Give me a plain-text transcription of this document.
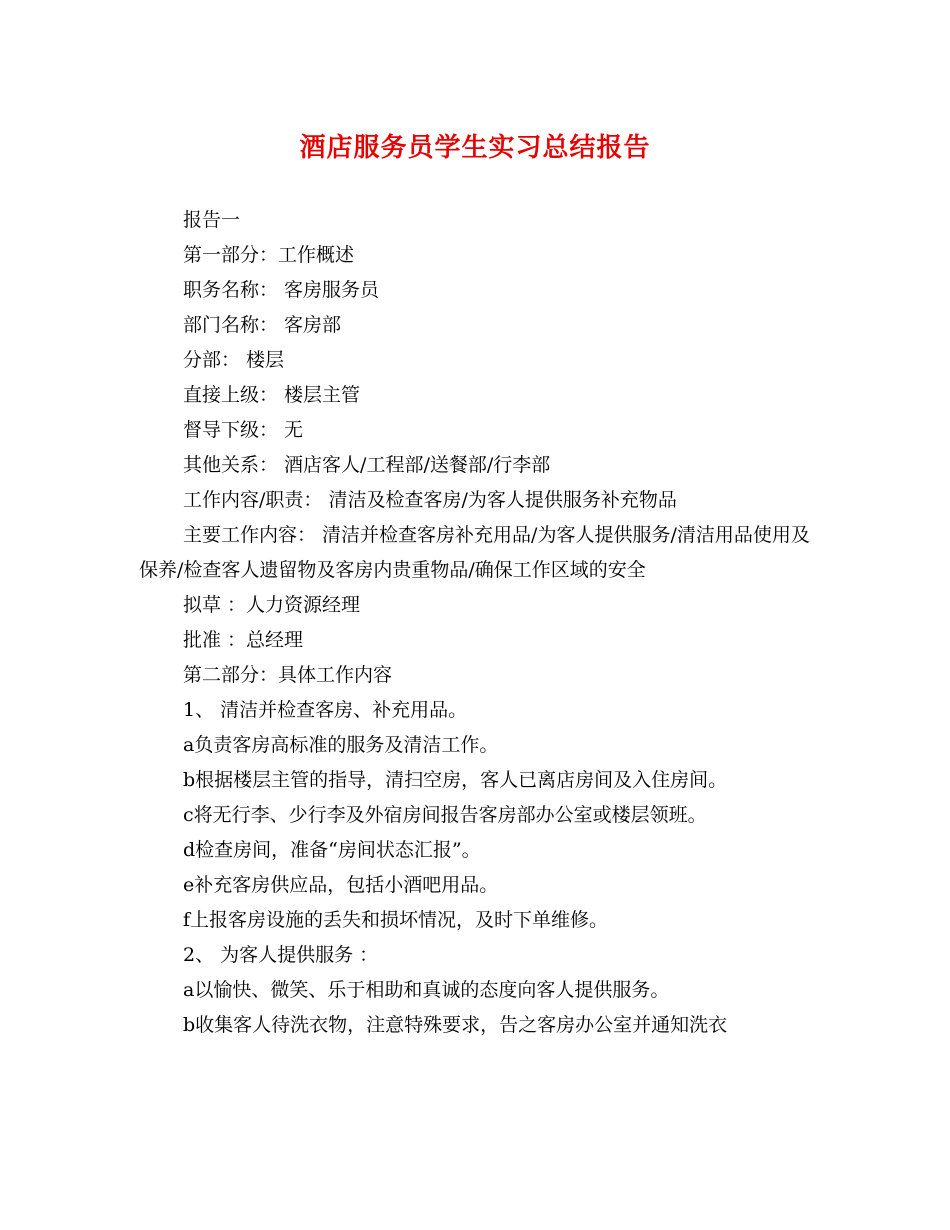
酒店服务员学生实习总结报告

报告一

第一部分：工作概述

职务名称： 客房服务员

部门名称： 客房部

分部： 楼层

直接上级： 楼层主管

督导下级： 无

其他关系： 酒店客人/工程部/送餐部/行李部

工作内容/职责： 清洁及检查客房/为客人提供服务补充物品

主要工作内容： 清洁并检查客房补充用品/为客人提供服务/清洁用品使用及保养/检查客人遗留物及客房内贵重物品/确保工作区域的安全

拟草 ：人力资源经理

批准 ：总经理

第二部分：具体工作内容

1、 清洁并检查客房、补充用品。

a负责客房高标准的服务及清洁工作。

b根据楼层主管的指导，清扫空房，客人已离店房间及入住房间。

c将无行李、少行李及外宿房间报告客房部办公室或楼层领班。

d检查房间，准备“房间状态汇报”。

e补充客房供应品，包括小酒吧用品。

f上报客房设施的丢失和损坏情况，及时下单维修。

2、 为客人提供服务 ：

a以愉快、微笑、乐于相助和真诚的态度向客人提供服务。

b收集客人待洗衣物，注意特殊要求，告之客房办公室并通知洗衣
